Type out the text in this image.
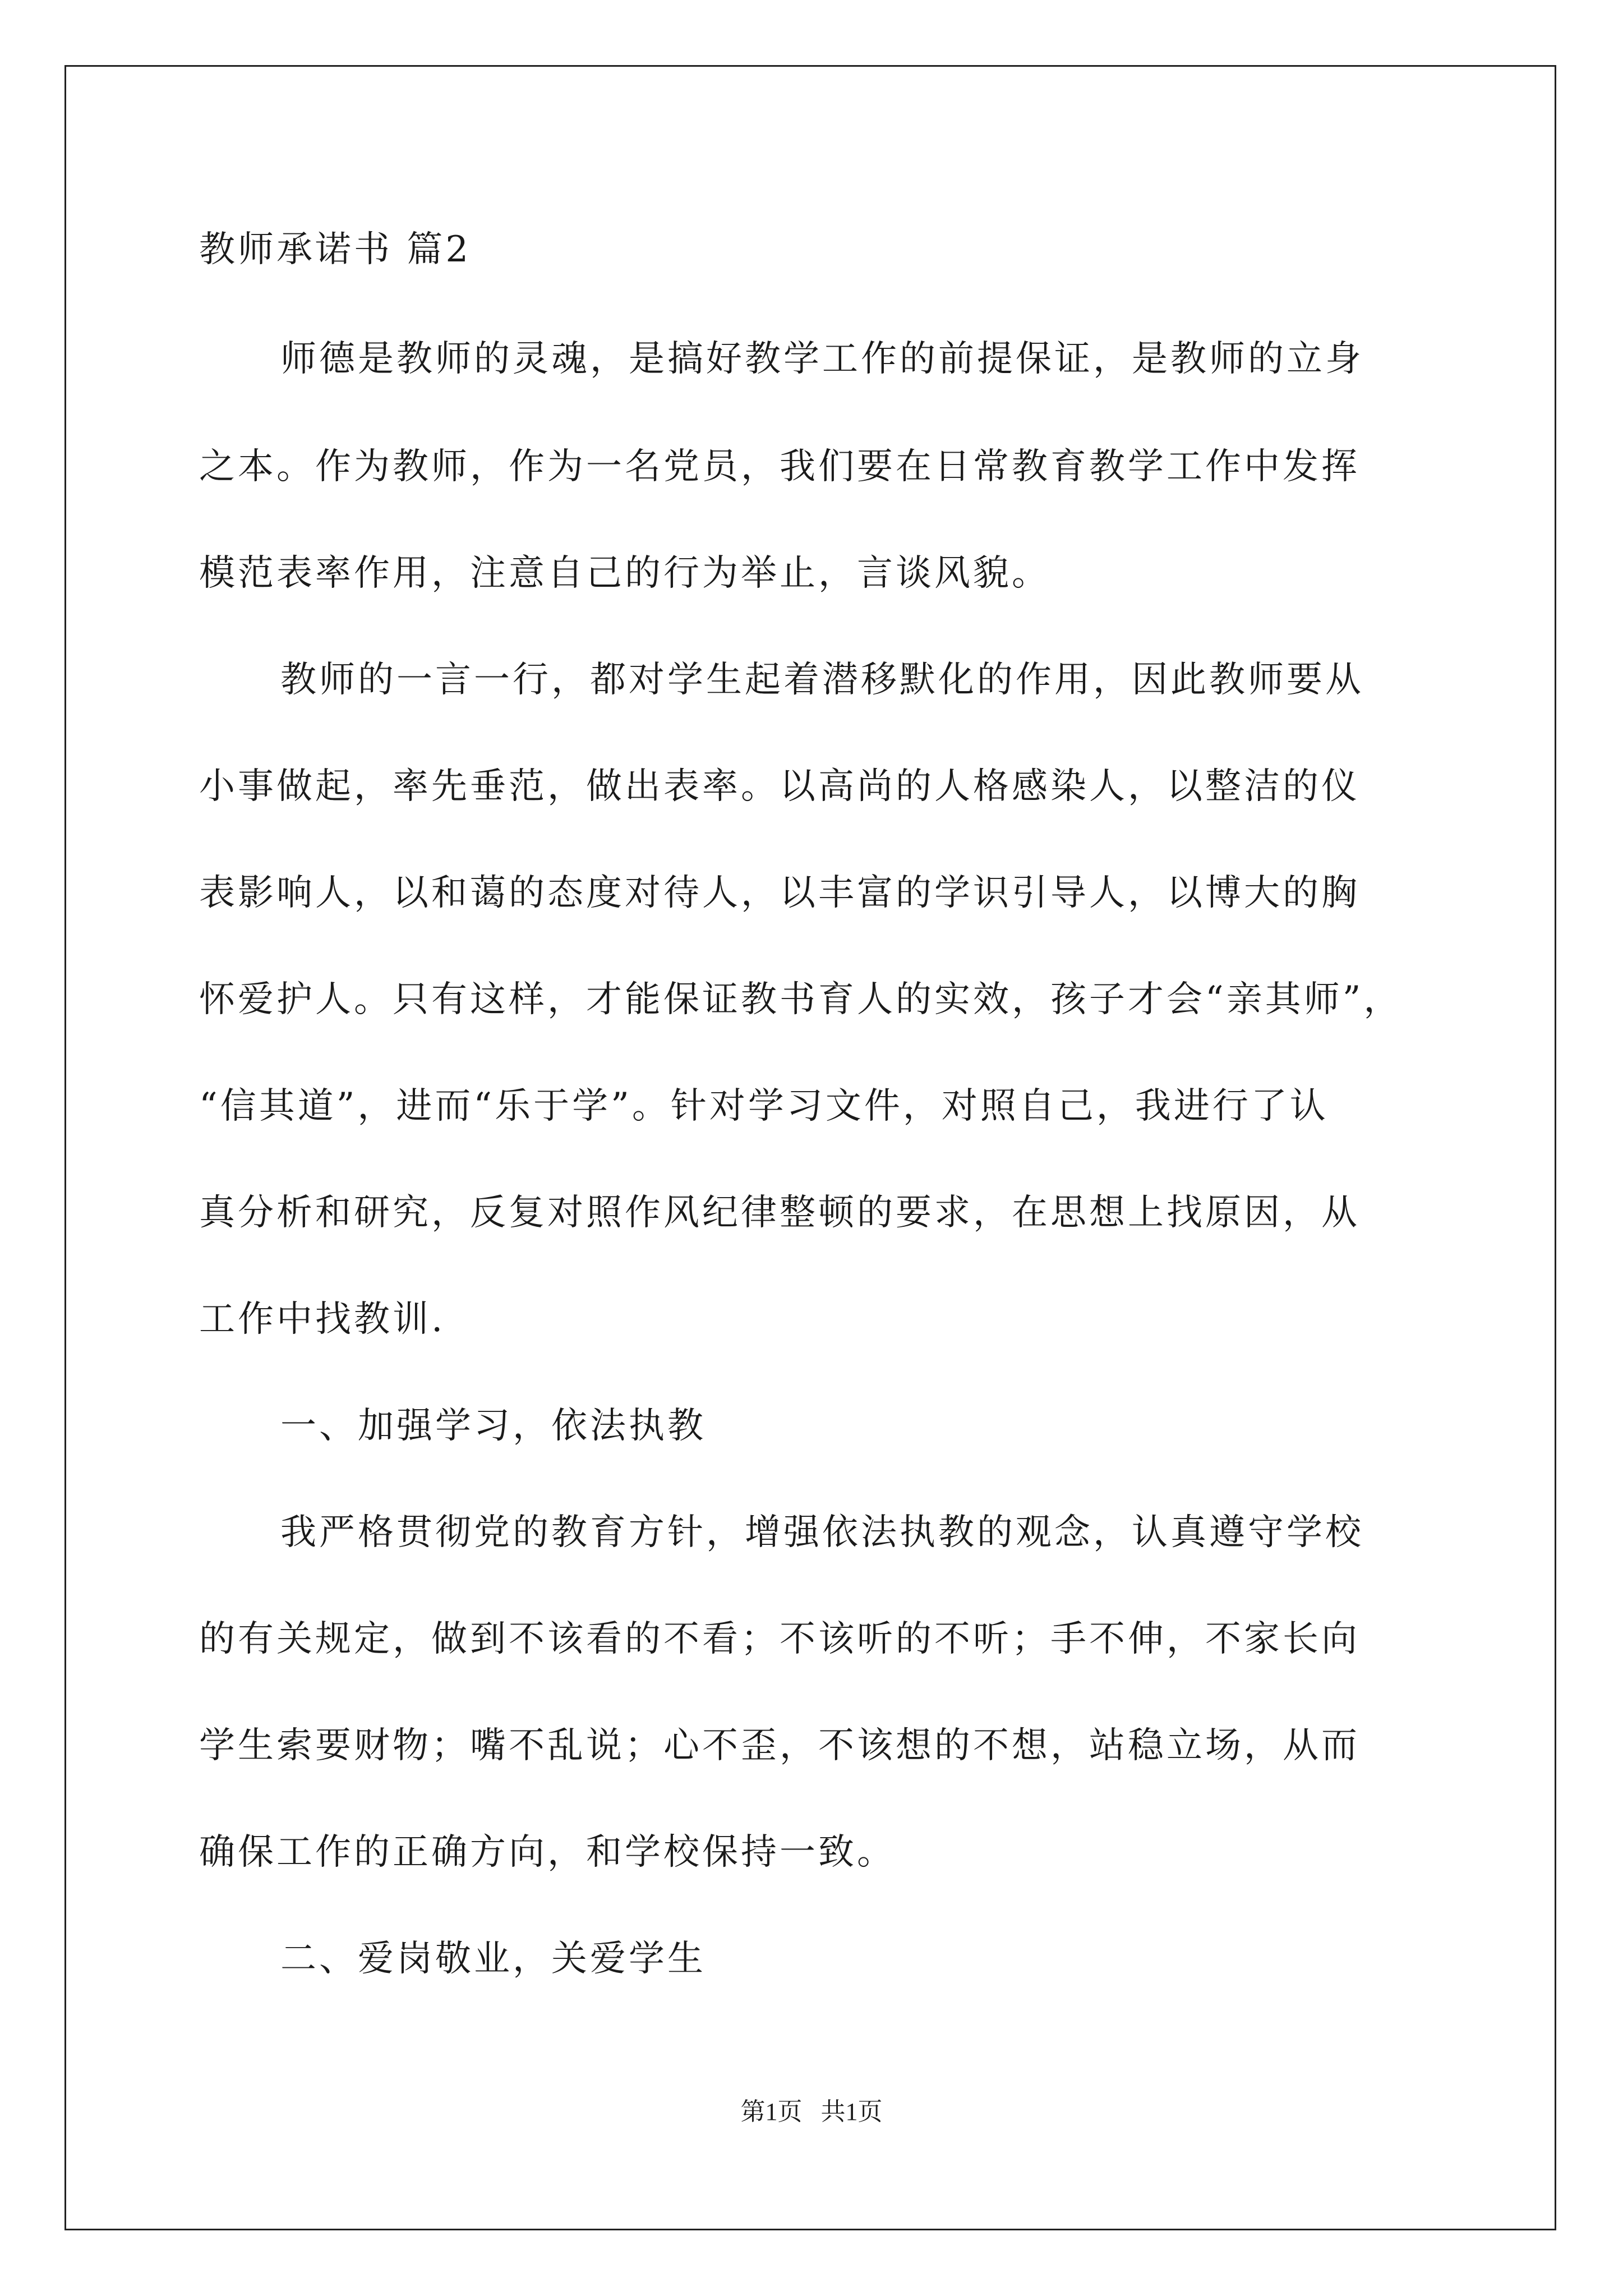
教师承诺书 篇2
师德是教师的灵魂，是搞好教学工作的前提保证，是教师的立身
之本。作为教师，作为一名党员，我们要在日常教育教学工作中发挥
模范表率作用，注意自己的行为举止，言谈风貌。
教师的一言一行，都对学生起着潜移默化的作用，因此教师要从
小事做起，率先垂范，做出表率。以高尚的人格感染人，以整洁的仪
表影响人，以和蔼的态度对待人，以丰富的学识引导人，以博大的胸
怀爱护人。只有这样，才能保证教书育人的实效，孩子才会“亲其师”，
“信其道”，进而“乐于学”。针对学习文件，对照自己，我进行了认
真分析和研究，反复对照作风纪律整顿的要求，在思想上找原因，从
工作中找教训.
一、加强学习，依法执教
我严格贯彻党的教育方针，增强依法执教的观念，认真遵守学校
的有关规定，做到不该看的不看；不该听的不听；手不伸，不家长向
学生索要财物；嘴不乱说；心不歪，不该想的不想，站稳立场，从而
确保工作的正确方向，和学校保持一致。
二、爱岗敬业，关爱学生
第1页   共1页
